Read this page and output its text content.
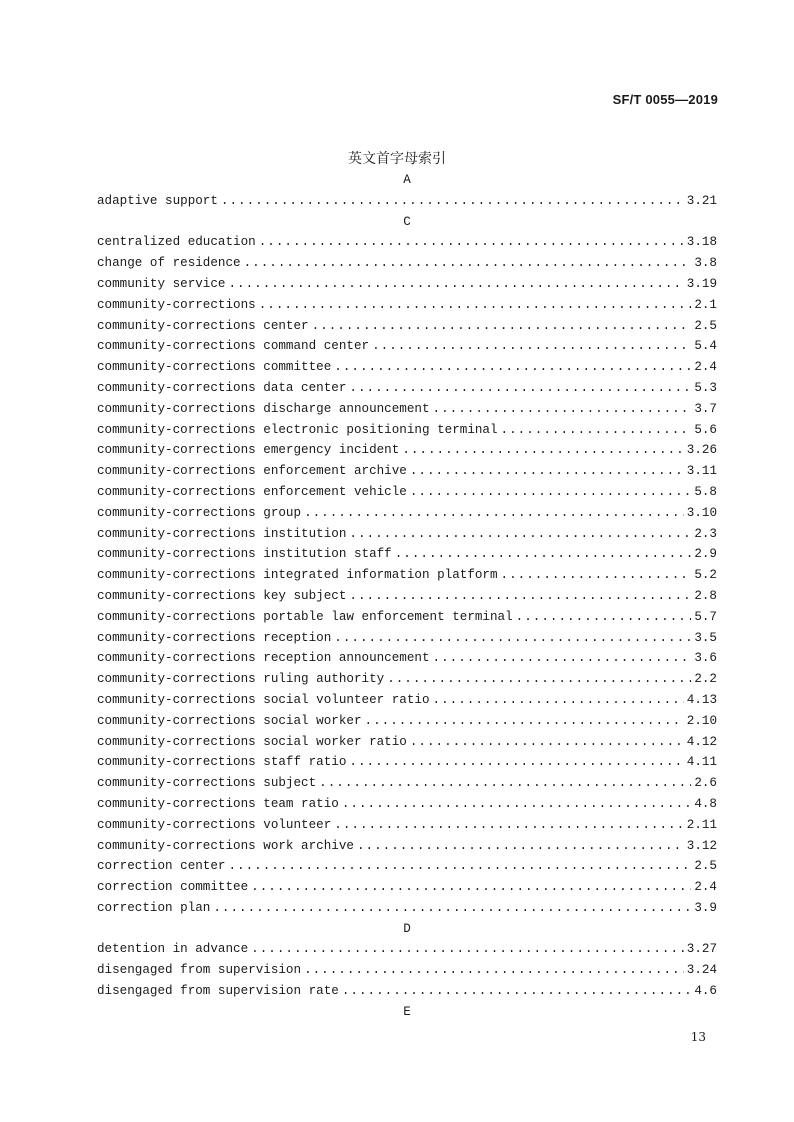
SF/T 0055—2019
英文首字母索引
A
adaptive support .....	3.21
C
centralized education .....	3.18
change of residence .....	3.8
community service .....	3.19
community-corrections .....	2.1
community-corrections center .....	2.5
community-corrections command center .....	5.4
community-corrections committee .....	2.4
community-corrections data center .....	5.3
community-corrections discharge announcement .....	3.7
community-corrections electronic positioning terminal .....	5.6
community-corrections emergency incident .....	3.26
community-corrections enforcement archive .....	3.11
community-corrections enforcement vehicle .....	5.8
community-corrections group .....	3.10
community-corrections institution .....	2.3
community-corrections institution staff .....	2.9
community-corrections integrated information platform .....	5.2
community-corrections key subject .....	2.8
community-corrections portable law enforcement terminal .....	5.7
community-corrections reception .....	3.5
community-corrections reception announcement .....	3.6
community-corrections ruling authority .....	2.2
community-corrections social volunteer ratio .....	4.13
community-corrections social worker .....	2.10
community-corrections social worker ratio .....	4.12
community-corrections staff ratio .....	4.11
community-corrections subject .....	2.6
community-corrections team ratio .....	4.8
community-corrections volunteer .....	2.11
community-corrections work archive .....	3.12
correction center .....	2.5
correction committee .....	2.4
correction plan .....	3.9
D
detention in advance .....	3.27
disengaged from supervision .....	3.24
disengaged from supervision rate .....	4.6
E
13
